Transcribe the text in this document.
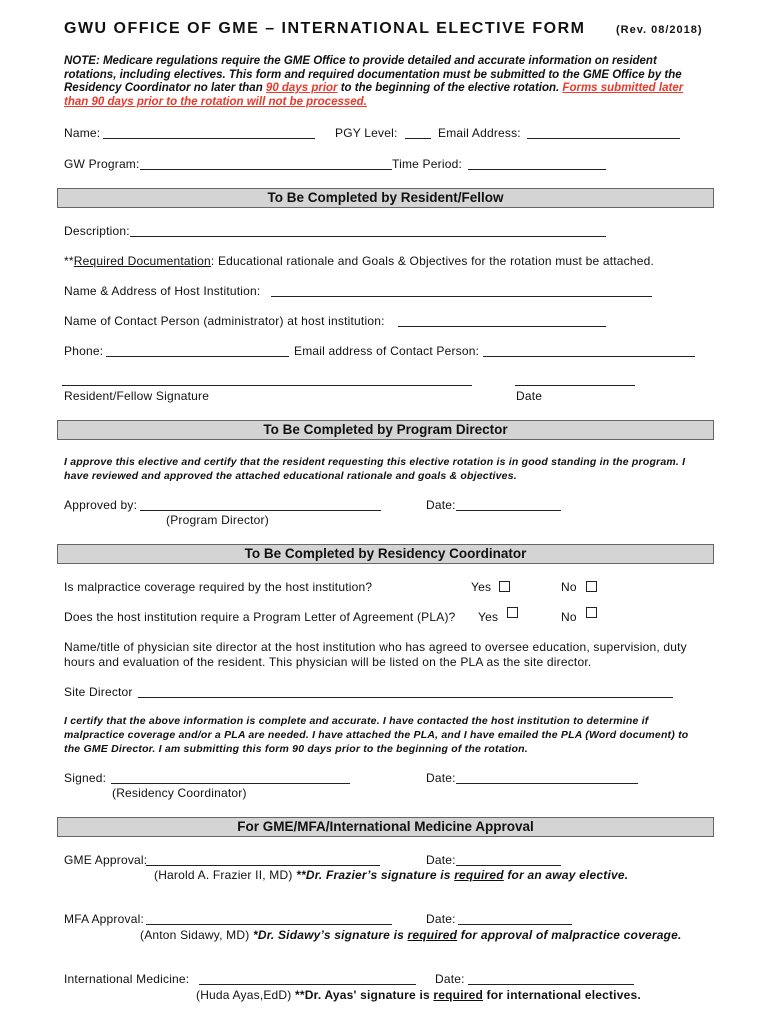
GWU OFFICE OF GME – INTERNATIONAL ELECTIVE FORM	(Rev. 08/2018)
NOTE: Medicare regulations require the GME Office to provide detailed and accurate information on resident rotations, including electives. This form and required documentation must be submitted to the GME Office by the Residency Coordinator no later than 90 days prior to the beginning of the elective rotation. Forms submitted later than 90 days prior to the rotation will not be processed.
Name:	PGY Level:	Email Address:
GW Program:	Time Period:
To Be Completed by Resident/Fellow
Description:
**Required Documentation: Educational rationale and Goals & Objectives for the rotation must be attached.
Name & Address of Host Institution:
Name of Contact Person (administrator) at host institution:
Phone:	Email address of Contact Person:
Resident/Fellow Signature	Date
To Be Completed by Program Director
I approve this elective and certify that the resident requesting this elective rotation is in good standing in the program. I have reviewed and approved the attached educational rationale and goals & objectives.
Approved by:	Date:
(Program Director)
To Be Completed by Residency Coordinator
Is malpractice coverage required by the host institution?	Yes	No
Does the host institution require a Program Letter of Agreement (PLA)? Yes	No
Name/title of physician site director at the host institution who has agreed to oversee education, supervision, duty hours and evaluation of the resident. This physician will be listed on the PLA as the site director.
Site Director
I certify that the above information is complete and accurate. I have contacted the host institution to determine if malpractice coverage and/or a PLA are needed. I have attached the PLA, and I have emailed the PLA (Word document) to the GME Director. I am submitting this form 90 days prior to the beginning of the rotation.
Signed:	Date:
(Residency Coordinator)
For GME/MFA/International Medicine Approval
GME Approval:	Date:
(Harold A. Frazier II, MD) **Dr. Frazier’s signature is required for an away elective.
MFA Approval:	Date:
(Anton Sidawy, MD) *Dr. Sidawy’s signature is required for approval of malpractice coverage.
International Medicine:	Date:
(Huda Ayas,EdD) **Dr. Ayas' signature is required for international electives.
